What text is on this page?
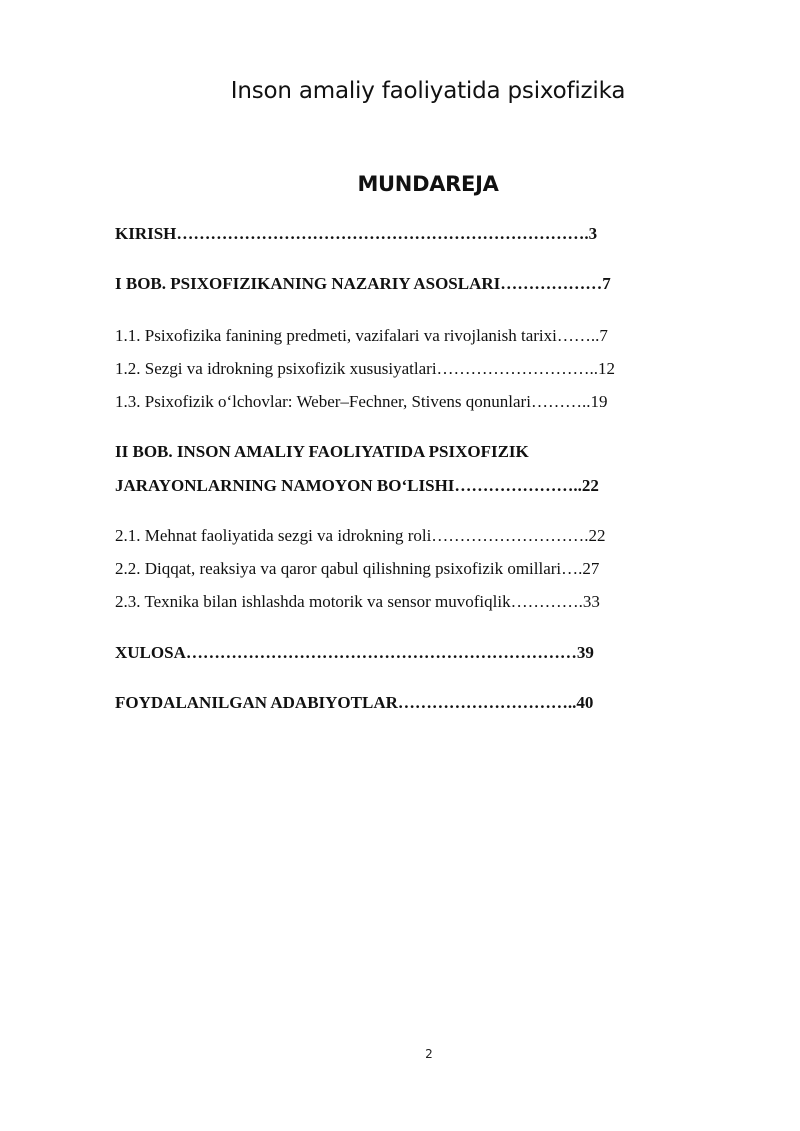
Inson amaliy faoliyatida psixofizika
MUNDAREJA
KIRISH……………………………………………………………….3
I BOB. PSIXOFIZIKANING NAZARIY ASOSLARI………………7
1.1. Psixofizika fanining predmeti, vazifalari va rivojlanish tarixi……..7
1.2. Sezgi va idrokning psixofizik xususiyatlari………………………..12
1.3. Psixofizik o‘lchovlar: Weber–Fechner, Stivens qonunlari………..19
II BOB. INSON AMALIY FAOLIYATIDA PSIXOFIZIK
JARAYONLARNING NAMOYON BO‘LISHI…………………..22
2.1. Mehnat faoliyatida sezgi va idrokning roli……………………….22
2.2. Diqqat, reaksiya va qaror qabul qilishning psixofizik omillari….27
2.3. Texnika bilan ishlashda motorik va sensor muvofiqlik………….33
XULOSA……………………………………………………………39
FOYDALANILGAN ADABIYOTLAR…………………………..40
2
